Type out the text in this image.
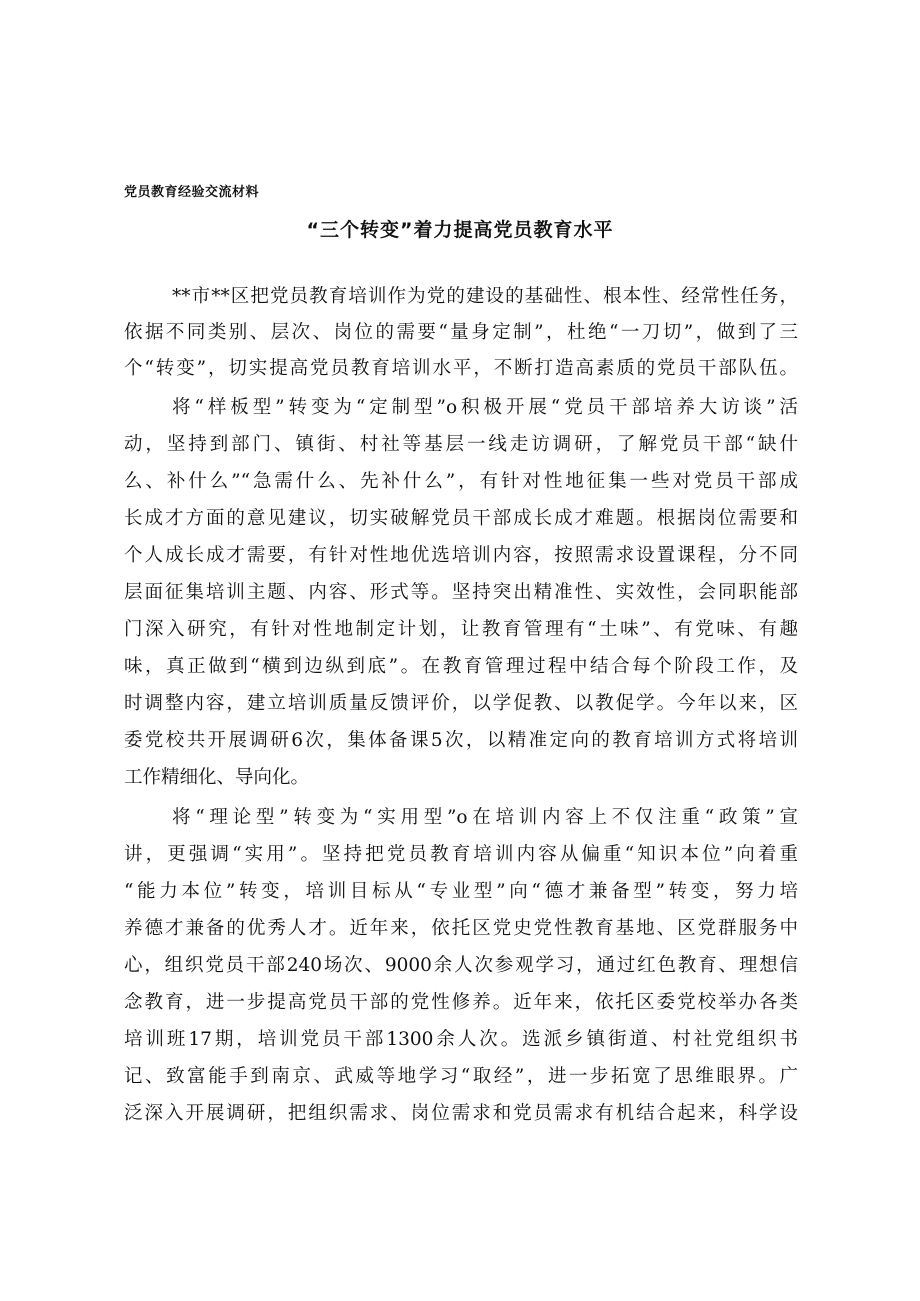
党员教育经验交流材料
“三个转变”着力提高党员教育水平
**市**区把党员教育培训作为党的建设的基础性、根本性、经常性任务，
依据不同类别、层次、岗位的需要“量身定制”，杜绝“一刀切”，做到了三
个“转变”，切实提高党员教育培训水平，不断打造高素质的党员干部队伍。
将“样板型”转变为“定制型”o积极开展“党员干部培养大访谈”活
动，坚持到部门、镇街、村社等基层一线走访调研，了解党员干部“缺什
么、补什么”“急需什么、先补什么”，有针对性地征集一些对党员干部成
长成才方面的意见建议，切实破解党员干部成长成才难题。根据岗位需要和
个人成长成才需要，有针对性地优选培训内容，按照需求设置课程，分不同
层面征集培训主题、内容、形式等。坚持突出精准性、实效性，会同职能部
门深入研究，有针对性地制定计划，让教育管理有“土味”、有党味、有趣
味，真正做到“横到边纵到底”。在教育管理过程中结合每个阶段工作，及
时调整内容，建立培训质量反馈评价，以学促教、以教促学。今年以来，区
委党校共开展调研6次，集体备课5次，以精准定向的教育培训方式将培训
工作精细化、导向化。
将“理论型”转变为“实用型”o在培训内容上不仅注重“政策”宣
讲，更强调“实用”。坚持把党员教育培训内容从偏重“知识本位”向着重
“能力本位”转变，培训目标从“专业型”向“德才兼备型”转变，努力培
养德才兼备的优秀人才。近年来，依托区党史党性教育基地、区党群服务中
心，组织党员干部240场次、9000余人次参观学习，通过红色教育、理想信
念教育，进一步提高党员干部的党性修养。近年来，依托区委党校举办各类
培训班17期，培训党员干部1300余人次。选派乡镇街道、村社党组织书
记、致富能手到南京、武威等地学习“取经”，进一步拓宽了思维眼界。广
泛深入开展调研，把组织需求、岗位需求和党员需求有机结合起来，科学设
